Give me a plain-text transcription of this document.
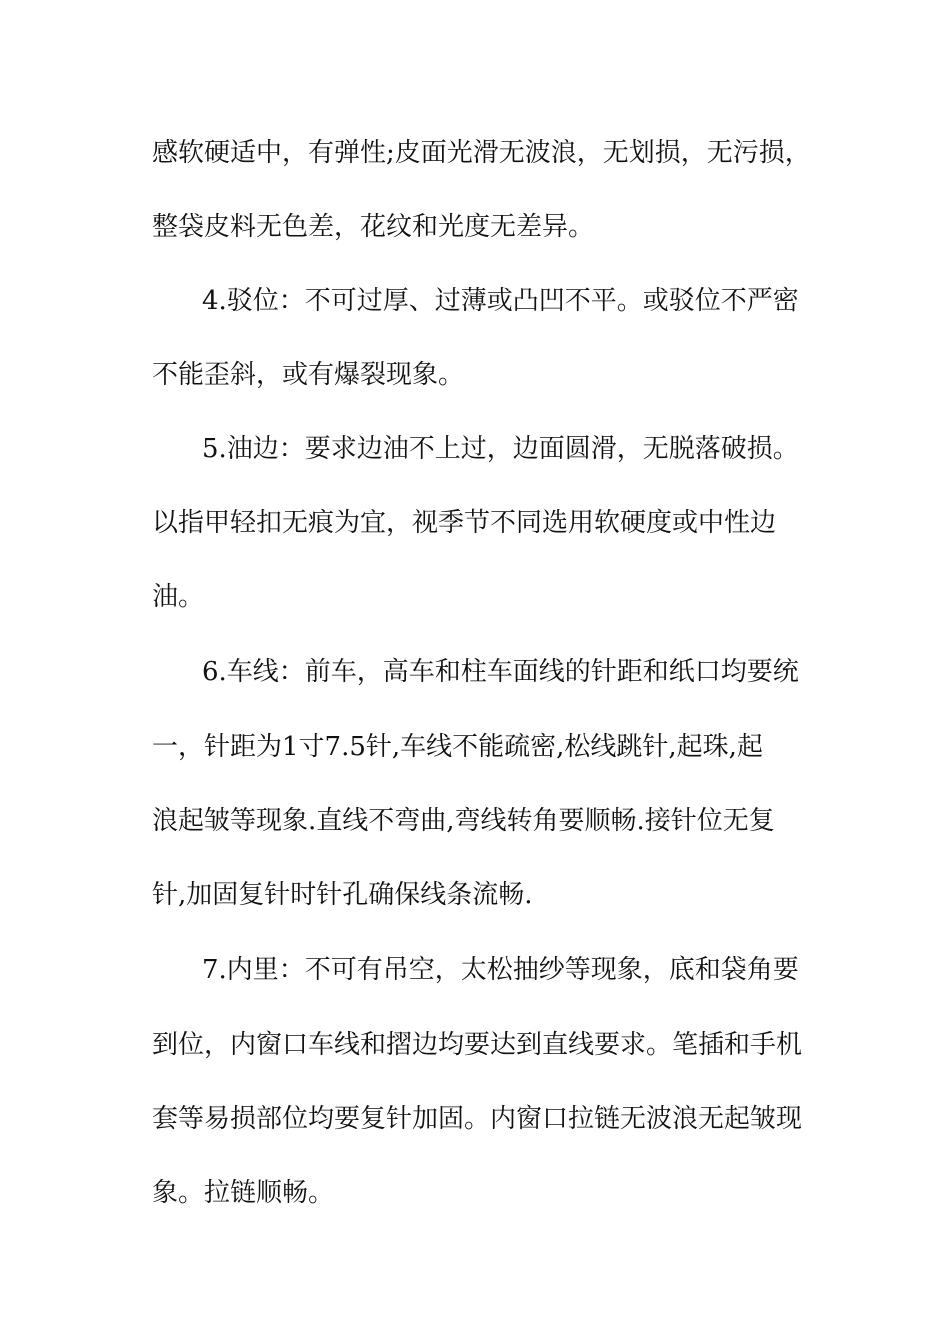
感软硬适中，有弹性;皮面光滑无波浪，无划损，无污损，
整袋皮料无色差，花纹和光度无差异。
4.驳位：不可过厚、过薄或凸凹不平。或驳位不严密
不能歪斜，或有爆裂现象。
5.油边：要求边油不上过，边面圆滑，无脱落破损。
以指甲轻扣无痕为宜，视季节不同选用软硬度或中性边
油。
6.车线：前车，高车和柱车面线的针距和纸口均要统
一，针距为1寸7.5针,车线不能疏密,松线跳针,起珠,起
浪起皱等现象.直线不弯曲,弯线转角要顺畅.接针位无复
针,加固复针时针孔确保线条流畅.
7.内里：不可有吊空，太松抽纱等现象，底和袋角要
到位，内窗口车线和摺边均要达到直线要求。笔插和手机
套等易损部位均要复针加固。内窗口拉链无波浪无起皱现
象。拉链顺畅。
